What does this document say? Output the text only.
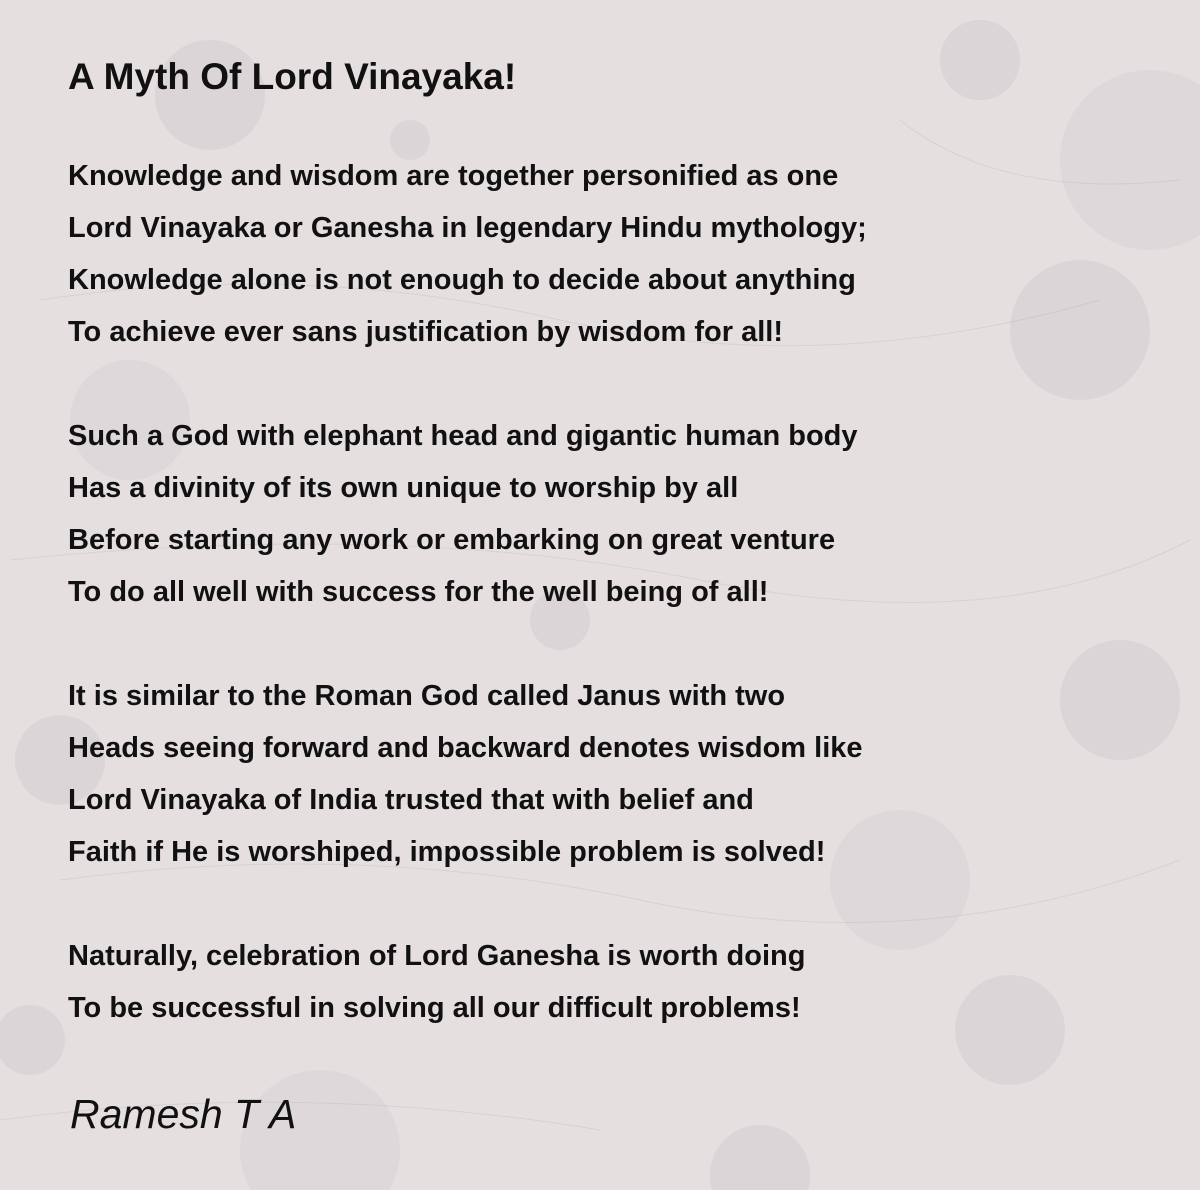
A Myth Of Lord Vinayaka!
Knowledge and wisdom are together personified as one
Lord Vinayaka or Ganesha in legendary Hindu mythology;
Knowledge alone is not enough to decide about anything
To achieve ever sans justification by wisdom for all!
Such a God with elephant head and gigantic human body
Has a divinity of its own unique to worship by all
Before starting any work or embarking on great venture
To do all well with success for the well being of all!
It is similar to the Roman God called Janus with two
Heads seeing forward and backward denotes wisdom like
Lord Vinayaka of India trusted that with belief and
Faith if He is worshiped, impossible problem is solved!
Naturally, celebration of Lord Ganesha is worth doing
To be successful in solving all our difficult problems!

Ramesh T A
